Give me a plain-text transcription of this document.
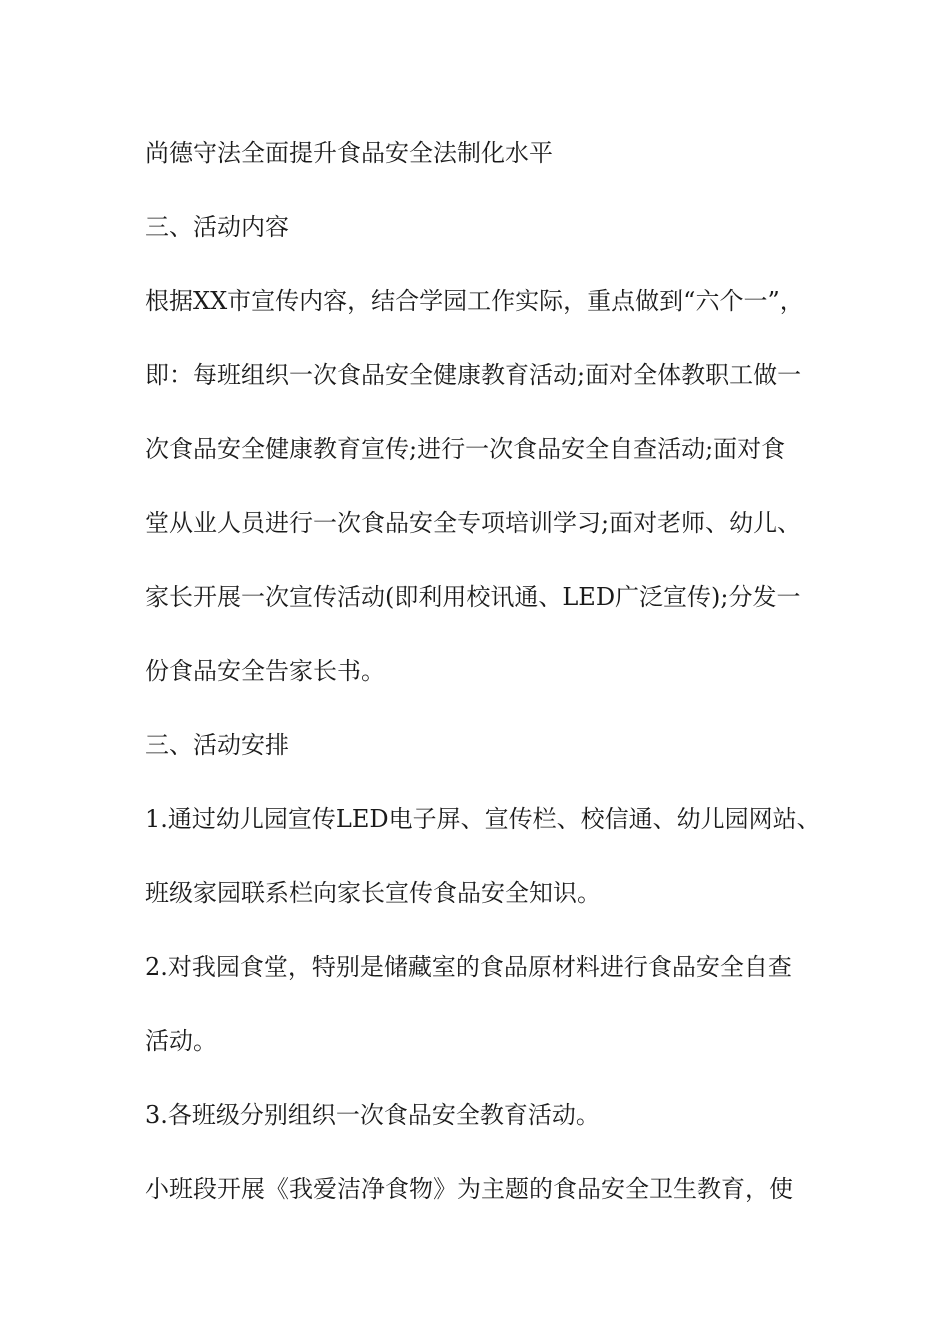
尚德守法全面提升食品安全法制化水平
三、活动内容
根据XX市宣传内容，结合学园工作实际，重点做到“六个一”，
即：每班组织一次食品安全健康教育活动;面对全体教职工做一
次食品安全健康教育宣传;进行一次食品安全自查活动;面对食
堂从业人员进行一次食品安全专项培训学习;面对老师、幼儿、
家长开展一次宣传活动(即利用校讯通、LED广泛宣传);分发一
份食品安全告家长书。
三、活动安排
1.通过幼儿园宣传LED电子屏、宣传栏、校信通、幼儿园网站、
班级家园联系栏向家长宣传食品安全知识。
2.对我园食堂，特别是储藏室的食品原材料进行食品安全自查
活动。
3.各班级分别组织一次食品安全教育活动。
小班段开展《我爱洁净食物》为主题的食品安全卫生教育，使
